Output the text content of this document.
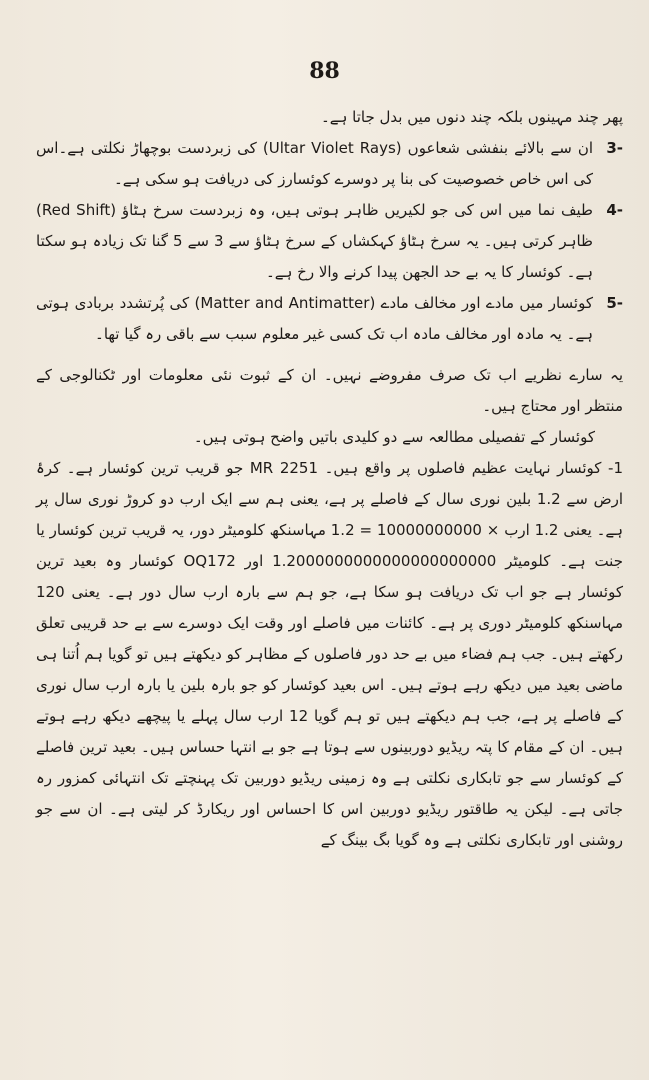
88

پھر چند مہینوں بلکہ چند دنوں میں بدل جاتا ہے۔

3-
ان سے بالائے بنفشی شعاعوں (Ultar Violet Rays) کی زبردست بوچھاڑ نکلتی ہے۔اس کی اس خاص خصوصیت کی بنا پر دوسرے کوئسارز کی دریافت ہو سکی ہے۔
4-
طیف نما میں اس کی جو لکیریں ظاہر ہوتی ہیں، وہ زبردست سرخ ہٹاؤ (Red Shift) ظاہر کرتی ہیں۔ یہ سرخ ہٹاؤ کہکشاں کے سرخ ہٹاؤ سے 3 سے 5 گنا تک زیادہ ہو سکتا ہے۔ کوئسار کا یہ بے حد الجھن پیدا کرنے والا رخ ہے۔
5-
کوئسار میں مادے اور مخالف مادے (Matter and Antimatter) کی پُرتشدد بربادی ہوتی ہے۔ یہ مادہ اور مخالف مادہ اب تک کسی غیر معلوم سبب سے باقی رہ گیا تھا۔

یہ سارے نظریے اب تک صرف مفروضے نہیں۔ ان کے ثبوت نئی معلومات اور ٹکنالوجی کے منتظر اور محتاج ہیں۔

کوئسار کے تفصیلی مطالعہ سے دو کلیدی باتیں واضح ہوتی ہیں۔

1- کوئسار نہایت عظیم فاصلوں پر واقع ہیں۔ MR 2251 جو قریب ترین کوئسار ہے۔ کرۂ ارض سے 1.2 بلین نوری سال کے فاصلے پر ہے، یعنی ہم سے ایک ارب دو کروڑ نوری سال پر ہے۔ یعنی 1.2 ارب × 10000000000 = 1.2 مہاسنکھ کلومیٹر دور، یہ قریب ترین کوئسار یا جنت ہے۔ کلومیٹر 1.2000000000000000000000 اور OQ172 کوئسار وہ بعید ترین کوئسار ہے جو اب تک دریافت ہو سکا ہے، جو ہم سے بارہ ارب سال دور ہے۔ یعنی 120 مہاسنکھ کلومیٹر دوری پر ہے۔ کائنات میں فاصلے اور وقت ایک دوسرے سے بے حد قریبی تعلق رکھتے ہیں۔ جب ہم فضاء میں بے حد دور فاصلوں کے مظاہر کو دیکھتے ہیں تو گویا ہم اُتنا ہی ماضی بعید میں دیکھ رہے ہوتے ہیں۔ اس بعید کوئسار کو جو بارہ بلین یا بارہ ارب سال نوری کے فاصلے پر ہے، جب ہم دیکھتے ہیں تو ہم گویا 12 ارب سال پہلے یا پیچھے دیکھ رہے ہوتے ہیں۔ ان کے مقام کا پتہ ریڈیو دوربینوں سے ہوتا ہے جو بے انتہا حساس ہیں۔ بعید ترین فاصلے کے کوئسار سے جو تابکاری نکلتی ہے وہ زمینی ریڈیو دوربین تک پہنچتے تک انتہائی کمزور رہ جاتی ہے۔ لیکن یہ طاقتور ریڈیو دوربین اس کا احساس اور ریکارڈ کر لیتی ہے۔ ان سے جو روشنی اور تابکاری نکلتی ہے وہ گویا بگ بینگ کے
